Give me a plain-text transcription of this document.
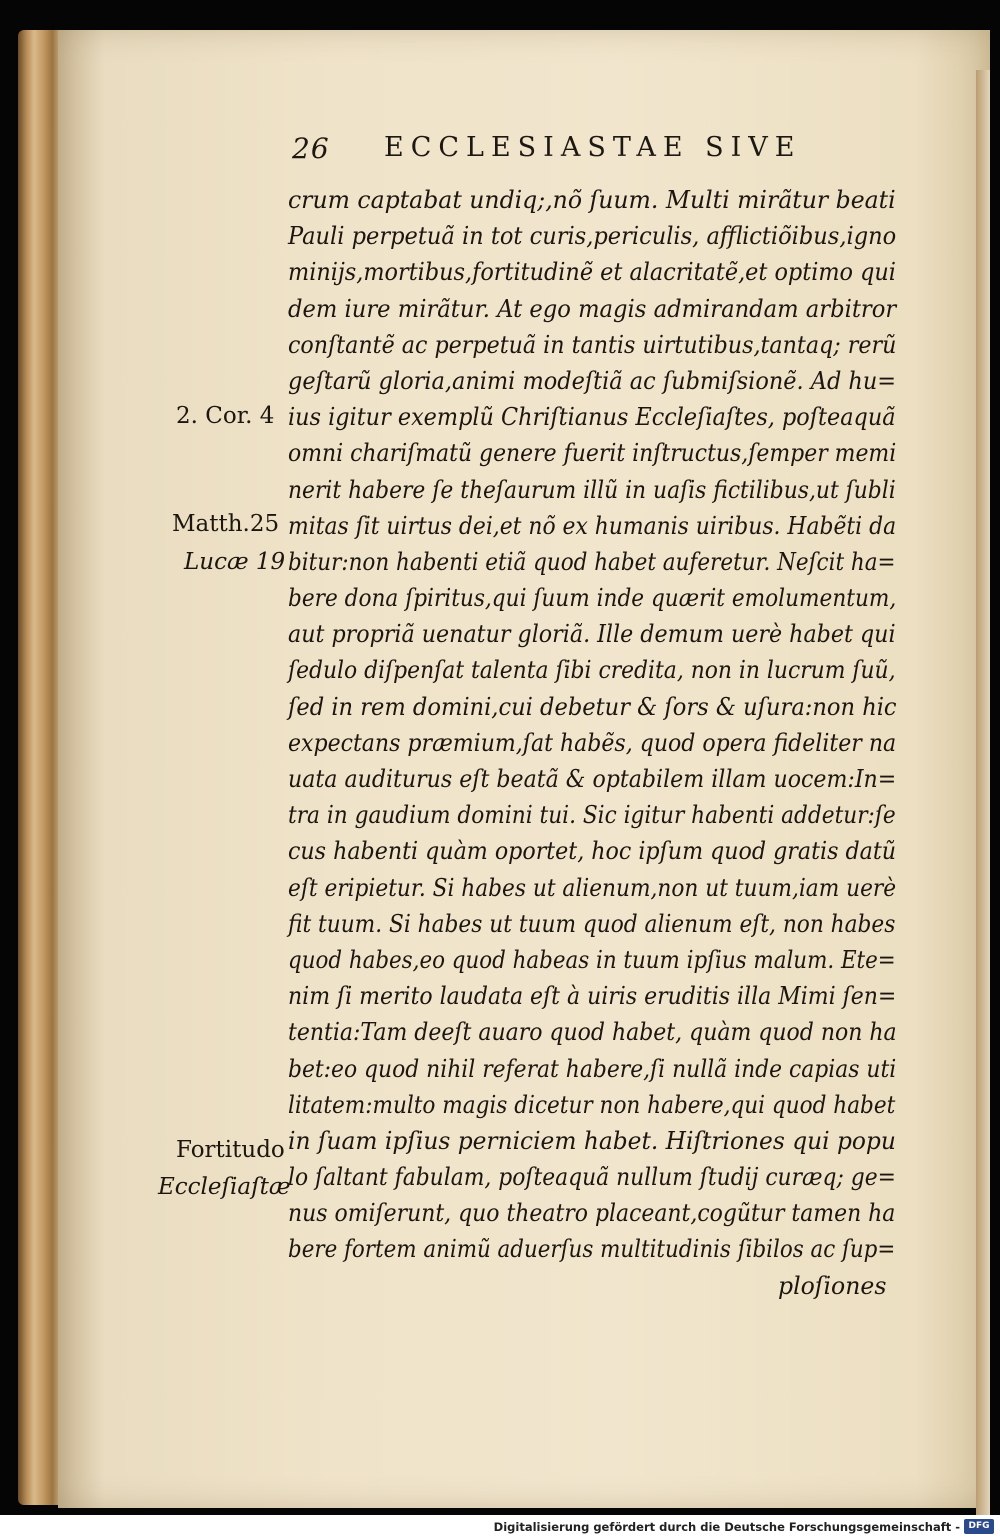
26 ECCLESIASTAE SIVE
crum captabat undiq;,nõ ſuum. Multi mirãtur beati
Pauli perpetuã in tot curis,periculis, afflictiõibus,igno
miniјs,mortibus,fortitudinẽ et alacritatẽ,et optimo qui
dem iure mirãtur. At ego magis admirandam arbitror
conſtantẽ ac perpetuã in tantis uirtutibus,tantaq; rerũ
geſtarũ gloria,animi modeſtiã ac ſubmiſsionẽ. Ad hu=
ius igitur exemplũ Chriſtianus Eccleſiaſtes, poſteaquã
omni chariſmatũ genere fuerit inſtructus,ſemper memi
nerit habere ſe theſaurum illũ in uaſis fictilibus,ut ſubli
mitas ſit uirtus dei,et nõ ex humanis uiribus. Habẽti da
bitur:non habenti etiã quod habet auferetur. Neſcit ha=
bere dona ſpiritus,qui ſuum inde quærit emolumentum,
aut propriã uenatur gloriã. Ille demum uerè habet qui
ſedulo diſpenſat talenta ſibi credita, non in lucrum ſuũ,
ſed in rem domini,cui debetur & ſors & uſura:non hic
expectans præmium,ſat habẽs, quod opera fideliter na
uata auditurus eſt beatã & optabilem illam uocem:In=
tra in gaudium domini tui. Sic igitur habenti addetur:ſe
cus habenti quàm oportet, hoc ipſum quod gratis datũ
eſt eripietur. Si habes ut alienum,non ut tuum,iam uerè
fit tuum. Si habes ut tuum quod alienum eſt, non habes
quod habes,eo quod habeas in tuum ipſius malum. Ete=
nim ſi merito laudata eſt à uiris eruditis illa Mimi ſen=
tentia:Tam deeſt auaro quod habet, quàm quod non ha
bet:eo quod nihil referat habere,ſi nullã inde capias uti
litatem:multo magis dicetur non habere,qui quod habet
in ſuam ipſius perniciem habet. Hiſtriones qui popu
lo ſaltant fabulam, poſteaquã nullum ſtudij curæq; ge=
nus omiſerunt, quo theatro placeant,cogũtur tamen ha
bere fortem animũ aduerſus multitudinis ſibilos ac ſup=
ploſiones
2. Cor. 4
Matth.25
Lucæ 19
Fortitudo
Eccleſiaſtæ
Digitalisierung gefördert durch die Deutsche Forschungsgemeinschaft - DFG
